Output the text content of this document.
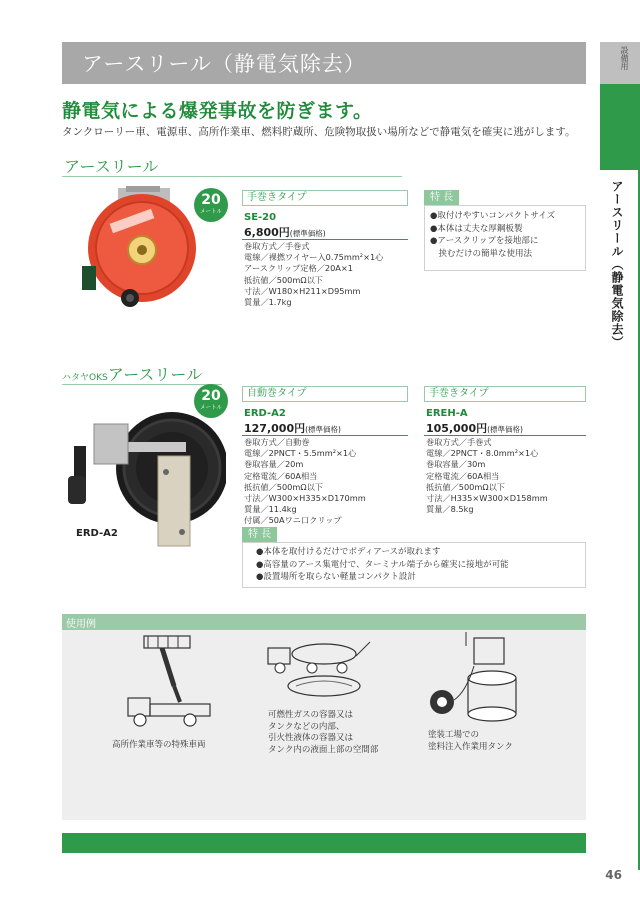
設備用
アースリール（静電気除去）
アースリール（静電気除去）
静電気による爆発事故を防ぎます。
タンクローリー車、電源車、高所作業車、燃料貯蔵所、危険物取扱い場所などで静電気を確実に逃がします。
アースリール
20
メートル
手巻きタイプ
SE-20
6,800円(標準価格)
巻取方式／手巻式
電線／裸撚ワイヤー入0.75mm²×1心
アースクリップ定格／20A×1
抵抗値／500mΩ以下
寸法／W180×H211×D95mm
質量／1.7kg
特 長
●取付けやすいコンパクトサイズ
●本体は丈夫な厚鋼板製
●アースクリップを接地部に
　挟むだけの簡単な使用法
ハタヤOKSアースリール
ERD-A2
20
メートル
自動巻タイプ
ERD-A2
127,000円(標準価格)
巻取方式／自動巻
電線／2PNCT・5.5mm²×1心
巻取容量／20m
定格電流／60A相当
抵抗値／500mΩ以下
寸法／W300×H335×D170mm
質量／11.4kg
付属／50Aワニ口クリップ
手巻きタイプ
EREH-A
105,000円(標準価格)
巻取方式／手巻式
電線／2PNCT・8.0mm²×1心
巻取容量／30m
定格電流／60A相当
抵抗値／500mΩ以下
寸法／H335×W300×D158mm
質量／8.5kg
特 長
●本体を取付けるだけでボディアースが取れます
●高容量のアース集電付で、ターミナル端子から確実に接地が可能
●設置場所を取らない軽量コンパクト設計
使用例
高所作業車等の特殊車両
可燃性ガスの容器又は
タンクなどの内部、
引火性液体の容器又は
タンク内の液面上部の空間部
塗装工場での
塗料注入作業用タンク
46
